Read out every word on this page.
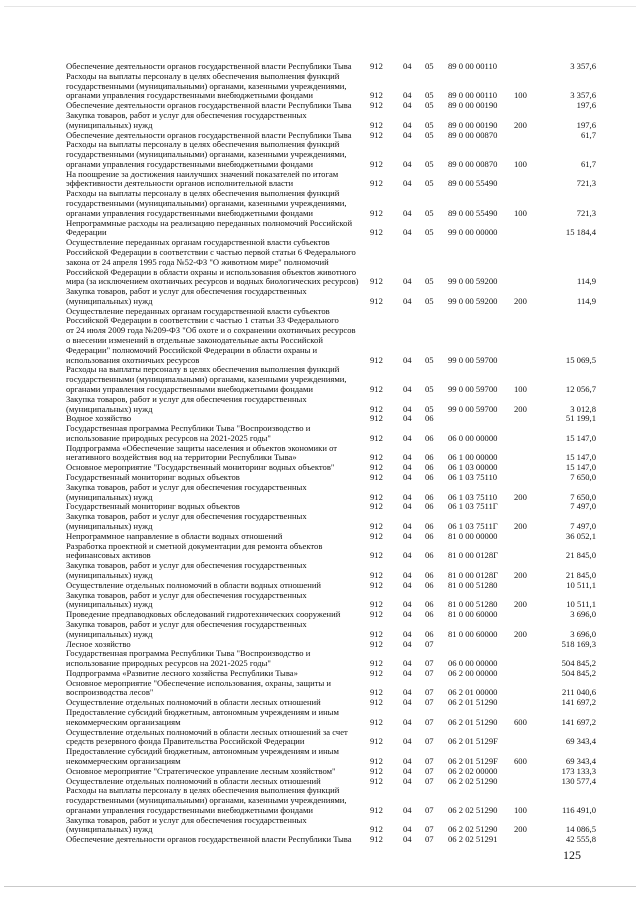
Обеспечение деятельности органов государственной власти Республики Тыва	912 04 05 89 0 00 00110	3 357,6
Расходы на выплаты персоналу в целях обеспечения выполнения функций
государственными (муниципальными) органами, казенными учреждениями,
органами управления государственными внебюджетными фондами	912 04 05 89 0 00 00110 100	3 357,6
Обеспечение деятельности органов государственной власти Республики Тыва	912 04 05 89 0 00 00190	197,6
Закупка товаров, работ и услуг для обеспечения государственных
(муниципальных) нужд	912 04 05 89 0 00 00190 200	197,6
Обеспечение деятельности органов государственной власти Республики Тыва	912 04 05 89 0 00 00870	61,7
Расходы на выплаты персоналу в целях обеспечения выполнения функций
государственными (муниципальными) органами, казенными учреждениями,
органами управления государственными внебюджетными фондами	912 04 05 89 0 00 00870 100	61,7
На поощрение за достижения наилучших значений показателей по итогам
эффективности деятельности органов исполнительной власти	912 04 05 89 0 00 55490	721,3
Расходы на выплаты персоналу в целях обеспечения выполнения функций
государственными (муниципальными) органами, казенными учреждениями,
органами управления государственными внебюджетными фондами	912 04 05 89 0 00 55490 100	721,3
Непрограммные расходы на реализацию переданных полномочий Российской
Федерации	912 04 05 99 0 00 00000	15 184,4
Осуществление переданных органам государственной власти субъектов
Российской Федерации в соответствии с частью первой статьи 6 Федерального
закона от 24 апреля 1995 года №52-ФЗ "О животном мире" полномочий
Российской Федерации в области охраны и использования объектов животного
мира (за исключением охотничьих ресурсов и водных биологических ресурсов) 912 04 05 99 0 00 59200	114,9
Закупка товаров, работ и услуг для обеспечения государственных
(муниципальных) нужд	912 04 05 99 0 00 59200 200	114,9
Осуществление переданных органам государственной власти субъектов
Российской Федерации в соответствии с частью 1 статьи 33 Федерального
от 24 июля 2009 года №209-ФЗ "Об охоте и о сохранении охотничьих ресурсов
о внесении изменений в отдельные законодательные акты Российской
Федерации" полномочий Российской Федерации в области охраны и
использования охотничьих ресурсов	912 04 05 99 0 00 59700	15 069,5
Расходы на выплаты персоналу в целях обеспечения выполнения функций
государственными (муниципальными) органами, казенными учреждениями,
органами управления государственными внебюджетными фондами	912 04 05 99 0 00 59700 100	12 056,7
Закупка товаров, работ и услуг для обеспечения государственных
(муниципальных) нужд	912 04 05 99 0 00 59700 200	3 012,8
Водное хозяйство	912 04 06	51 199,1
Государственная программа Республики Тыва "Воспроизводство и
использование природных ресурсов на 2021-2025 годы"	912 04 06 06 0 00 00000	15 147,0
Подпрограмма «Обеспечение защиты населения и объектов экономики от
негативного воздействия вод на территории Республики Тыва»	912 04 06 06 1 00 00000	15 147,0
Основное мероприятие "Государственный мониторинг водных объектов"	912 04 06 06 1 03 00000	15 147,0
Государственный мониторинг водных объектов	912 04 06 06 1 03 75110	7 650,0
Закупка товаров, работ и услуг для обеспечения государственных
(муниципальных) нужд	912 04 06 06 1 03 75110 200	7 650,0
Государственный мониторинг водных объектов	912 04 06 06 1 03 7511Г	7 497,0
Закупка товаров, работ и услуг для обеспечения государственных
(муниципальных) нужд	912 04 06 06 1 03 7511Г 200	7 497,0
Непрограммное направление в области водных отношений	912 04 06 81 0 00 00000	36 052,1
Разработка проектной и сметной документации для ремонта объектов
нефинансовых активов	912 04 06 81 0 00 0128Г	21 845,0
Закупка товаров, работ и услуг для обеспечения государственных
(муниципальных) нужд	912 04 06 81 0 00 0128Г 200	21 845,0
Осуществление отдельных полномочий в области водных отношений	912 04 06 81 0 00 51280	10 511,1
Закупка товаров, работ и услуг для обеспечения государственных
(муниципальных) нужд	912 04 06 81 0 00 51280 200	10 511,1
Проведение предпаводковых обследований гидротехнических сооружений	912 04 06 81 0 00 60000	3 696,0
Закупка товаров, работ и услуг для обеспечения государственных
(муниципальных) нужд	912 04 06 81 0 00 60000 200	3 696,0
Лесное хозяйство	912 04 07	518 169,3
Государственная программа Республики Тыва "Воспроизводство и
использование природных ресурсов на 2021-2025 годы"	912 04 07 06 0 00 00000	504 845,2
Подпрограмма «Развитие лесного хозяйства Республики Тыва»	912 04 07 06 2 00 00000	504 845,2
Основное мероприятие "Обеспечение использования, охраны, защиты и
воспроизводства лесов"	912 04 07 06 2 01 00000	211 040,6
Осуществление отдельных полномочий в области лесных отношений	912 04 07 06 2 01 51290	141 697,2
Предоставление субсидий бюджетным, автономным учреждениям и иным
некоммерческим организациям	912 04 07 06 2 01 51290 600	141 697,2
Осуществление отдельных полномочий в области лесных отношений за счет
средств резервного фонда Правительства Российской Федерации	912 04 07 06 2 01 5129F	69 343,4
Предоставление субсидий бюджетным, автономным учреждениям и иным
некоммерческим организациям	912 04 07 06 2 01 5129F 600	69 343,4
Основное мероприятие "Стратегическое управление лесным хозяйством"	912 04 07 06 2 02 00000	173 133,3
Осуществление отдельных полномочий в области лесных отношений	912 04 07 06 2 02 51290	130 577,4
Расходы на выплаты персоналу в целях обеспечения выполнения функций
государственными (муниципальными) органами, казенными учреждениями,
органами управления государственными внебюджетными фондами	912 04 07 06 2 02 51290 100	116 491,0
Закупка товаров, работ и услуг для обеспечения государственных
(муниципальных) нужд	912 04 07 06 2 02 51290 200	14 086,5
Обеспечение деятельности органов государственной власти Республики Тыва	912 04 07 06 2 02 51291	42 555,8
125
